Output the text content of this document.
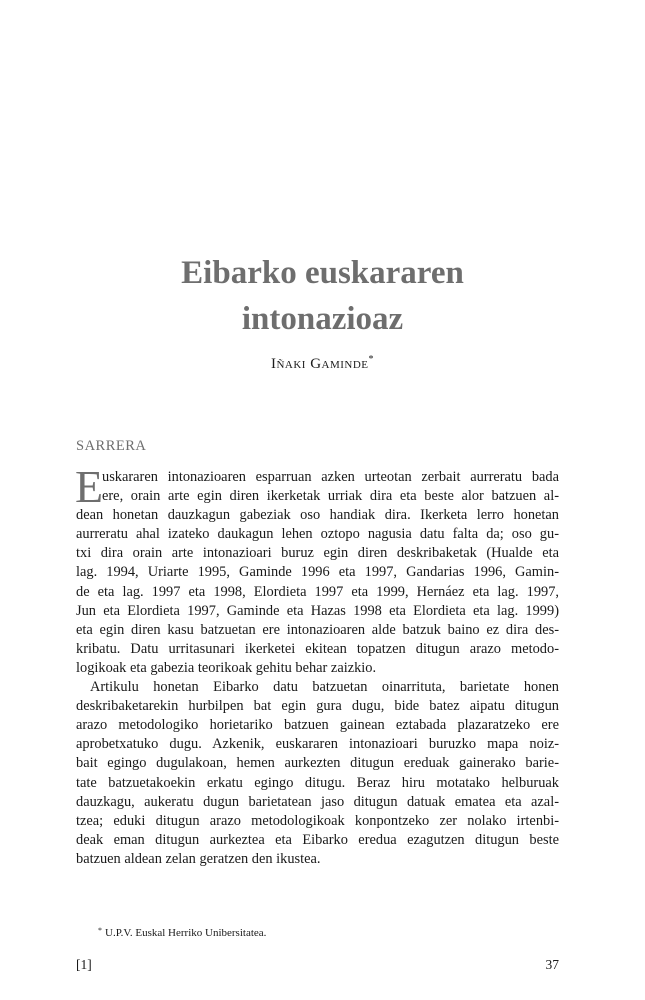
Eibarko euskararen
intonazioaz
Iñaki Gaminde*
SARRERA
E
uskararen intonazioaren esparruan azken urteotan zerbait aurreratu bada
ere, orain arte egin diren ikerketak urriak dira eta beste alor batzuen al-
dean honetan dauzkagun gabeziak oso handiak dira. Ikerketa lerro honetan
aurreratu ahal izateko daukagun lehen oztopo nagusia datu falta da; oso gu-
txi dira orain arte intonazioari buruz egin diren deskribaketak (Hualde eta
lag. 1994, Uriarte 1995, Gaminde 1996 eta 1997, Gandarias 1996, Gamin-
de eta lag. 1997 eta 1998, Elordieta 1997 eta 1999, Hernáez eta lag. 1997,
Jun eta Elordieta 1997, Gaminde eta Hazas 1998 eta Elordieta eta lag. 1999)
eta egin diren kasu batzuetan ere intonazioaren alde batzuk baino ez dira des-
kribatu. Datu urritasunari ikerketei ekitean topatzen ditugun arazo metodo-
logikoak eta gabezia teorikoak gehitu behar zaizkio.
Artikulu honetan Eibarko datu batzuetan oinarrituta, barietate honen
deskribaketarekin hurbilpen bat egin gura dugu, bide batez aipatu ditugun
arazo metodologiko horietariko batzuen gainean eztabada plazaratzeko ere
aprobetxatuko dugu. Azkenik, euskararen intonazioari buruzko mapa noiz-
bait egingo dugulakoan, hemen aurkezten ditugun ereduak gainerako barie-
tate batzuetakoekin erkatu egingo ditugu. Beraz hiru motatako helburuak
dauzkagu, aukeratu dugun barietatean jaso ditugun datuak ematea eta azal-
tzea; eduki ditugun arazo metodologikoak konpontzeko zer nolako irtenbi-
deak eman ditugun aurkeztea eta Eibarko eredua ezagutzen ditugun beste
batzuen aldean zelan geratzen den ikustea.
* U.P.V. Euskal Herriko Unibersitatea.
[1]	37
